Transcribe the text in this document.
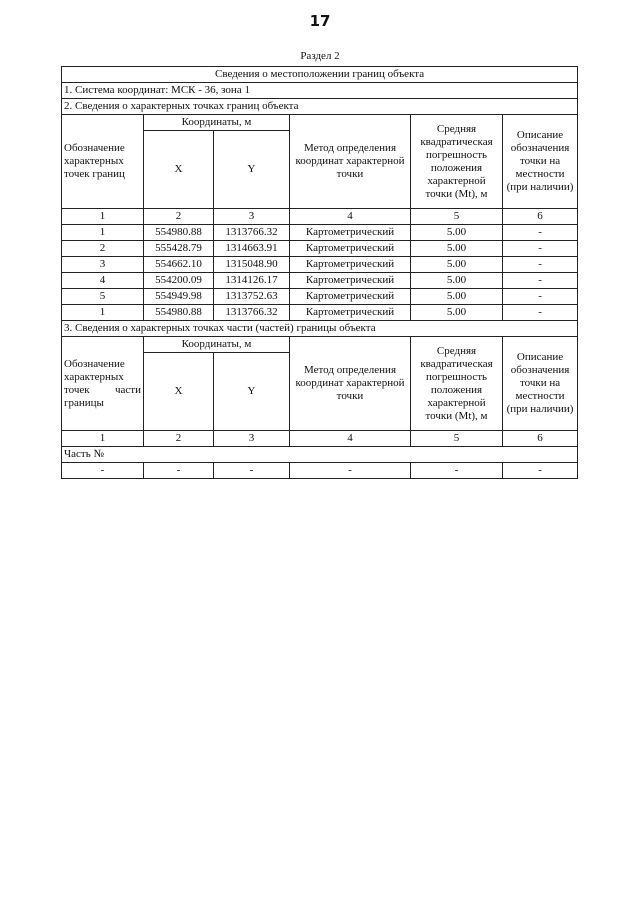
17
Раздел 2
Сведения о местоположении границ объекта					
1. Система координат: МСК - 36, зона 1					
2. Сведения о характерных точках границ объекта					
Обозначение характерных точек границ	Координаты, м		Метод определения координат характерной точки	Средняя квадратическая погрешность положения характерной точки (Mt), м	Описание обозначения точки на местности (при наличии)
	X	Y			
1	2	3	4	5	6
1	554980.88	1313766.32	Картометрический	5.00	-
2	555428.79	1314663.91	Картометрический	5.00	-
3	554662.10	1315048.90	Картометрический	5.00	-
4	554200.09	1314126.17	Картометрический	5.00	-
5	554949.98	1313752.63	Картометрический	5.00	-
1	554980.88	1313766.32	Картометрический	5.00	-
3. Сведения о характерных точках части (частей) границы объекта					
Обозначение характерных точек части границы	Координаты, м		Метод определения координат характерной точки	Средняя квадратическая погрешность положения характерной точки (Mt), м	Описание обозначения точки на местности (при наличии)
	X	Y			
1	2	3	4	5	6
Часть №					
-	-	-	-	-	-
